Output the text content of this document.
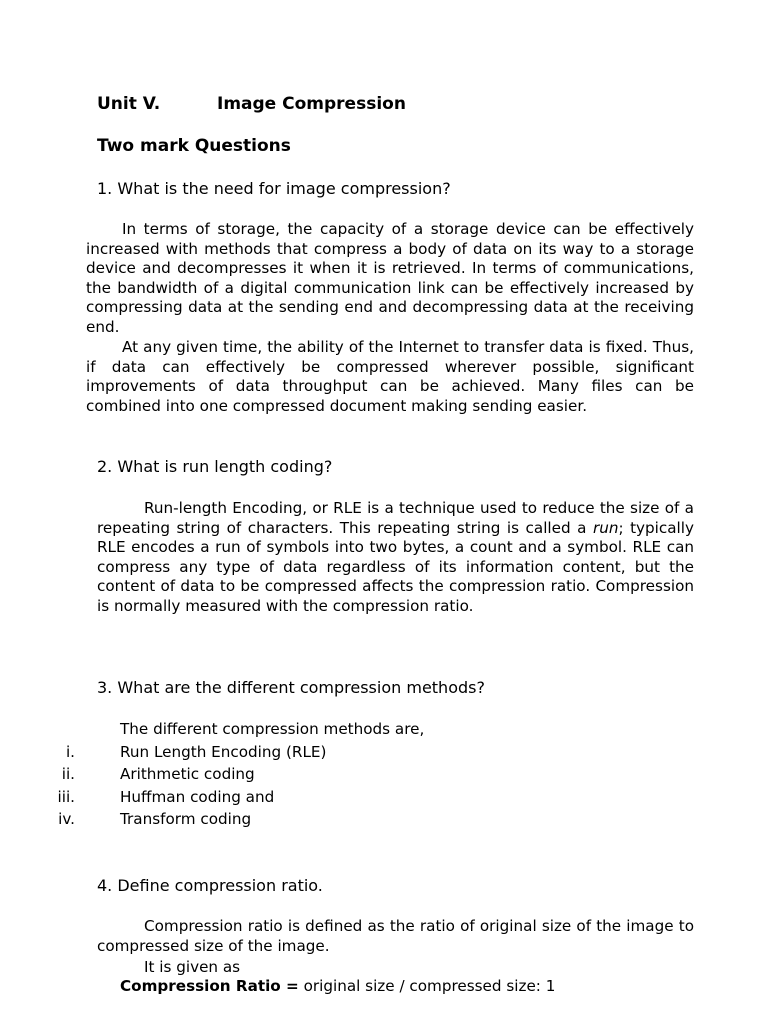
Unit V.	Image Compression
Two mark Questions
1. What is the need for image compression?

In terms of storage, the capacity of a storage device can be effectively increased with methods that compress a body of data on its way to a storage device and decompresses it when it is retrieved. In terms of communications, the bandwidth of a digital communication link can be effectively increased by compressing data at the sending end and decompressing data at the receiving end.

At any given time, the ability of the Internet to transfer data is fixed. Thus, if data can effectively be compressed wherever possible, significant improvements of data throughput can be achieved. Many files can be combined into one compressed document making sending easier.

2. What is run length coding?

Run-length Encoding, or RLE is a technique used to reduce the size of a repeating string of characters. This repeating string is called a run; typically RLE encodes a run of symbols into two bytes, a count and a symbol. RLE can compress any type of data regardless of its information content, but the content of data to be compressed affects the compression ratio. Compression is normally measured with the compression ratio.

3. What are the different compression methods?
The different compression methods are,
i.	Run Length Encoding (RLE)
ii.	Arithmetic coding
iii.	Huffman coding and
iv.	Transform coding
4. Define compression ratio.

Compression ratio is defined as the ratio of original size of the image to compressed size of the image.

It is given as
Compression Ratio = original size / compressed size: 1
